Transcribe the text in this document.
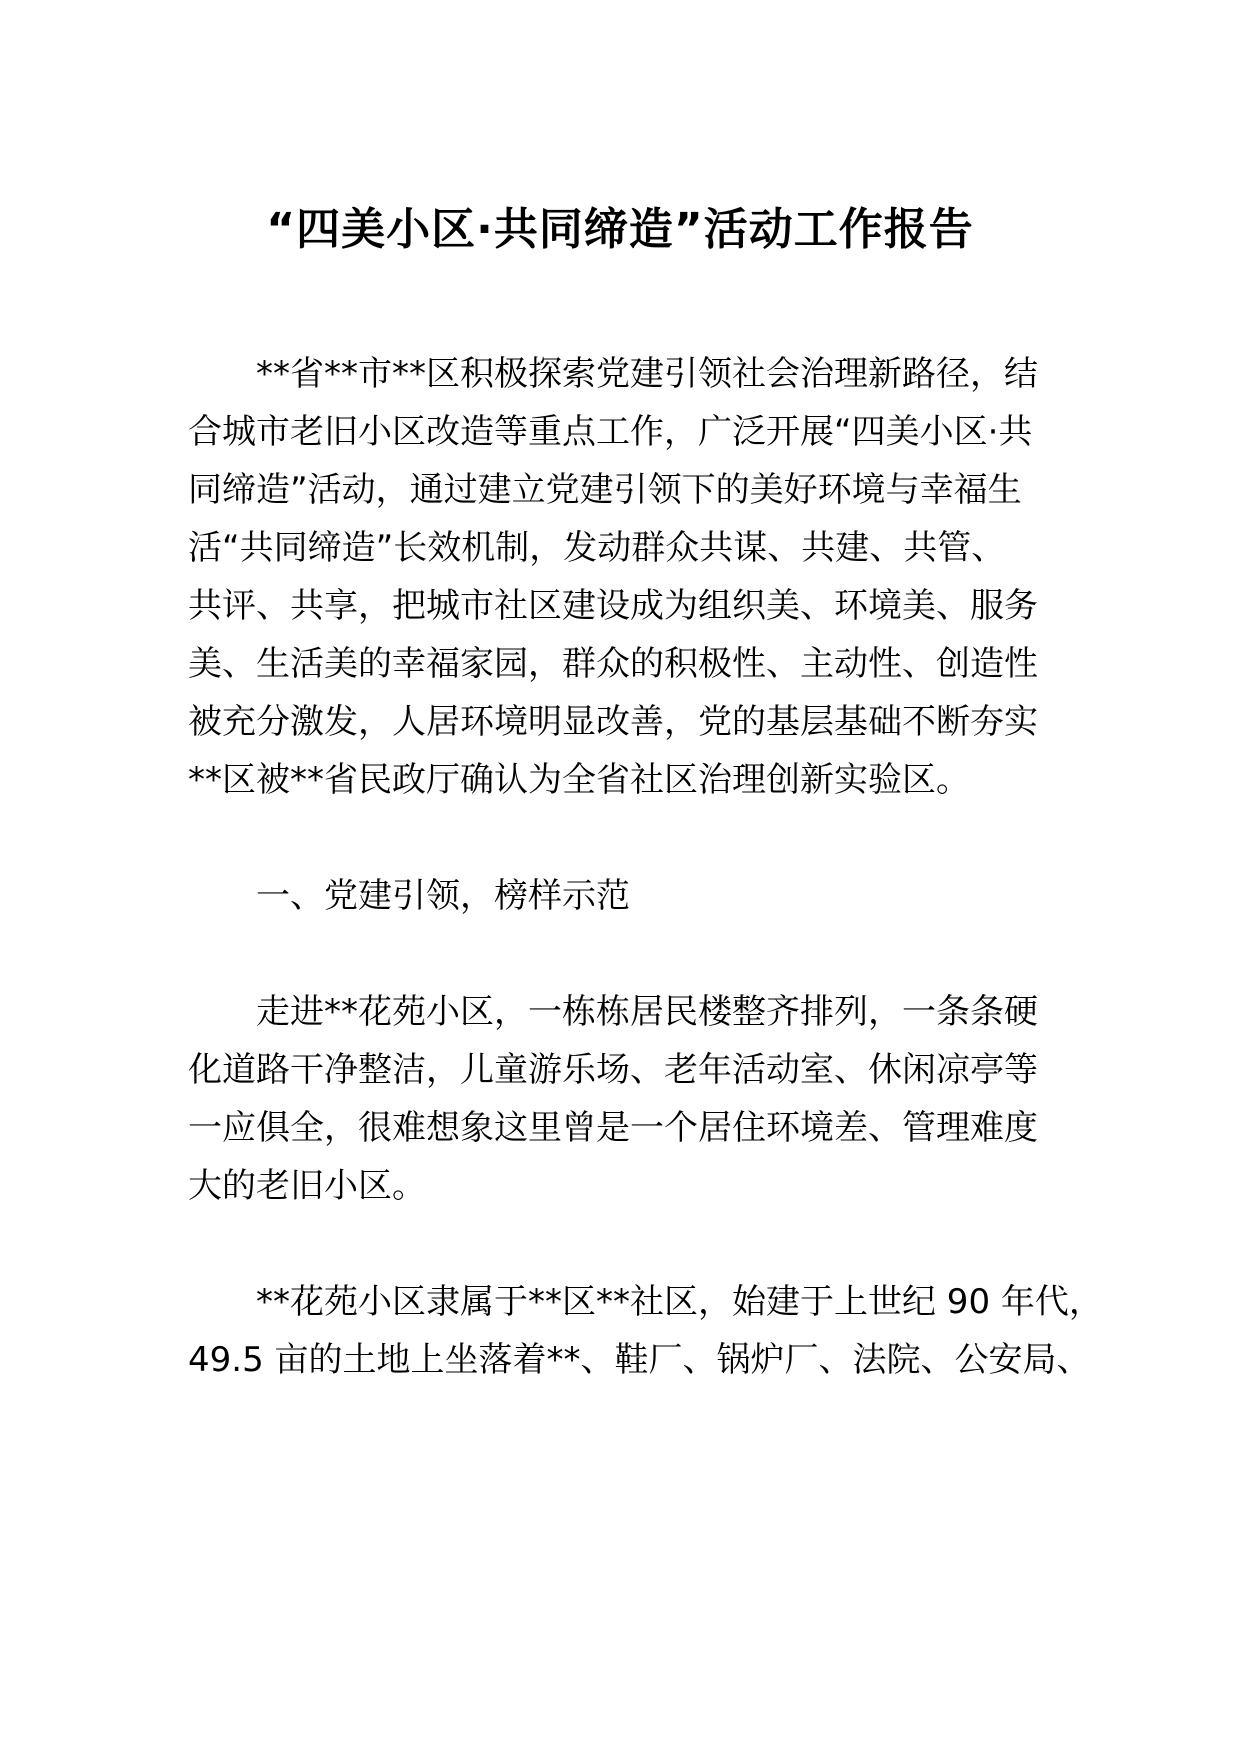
“四美小区·共同缔造”活动工作报告
**省**市**区积极探索党建引领社会治理新路径，结
合城市老旧小区改造等重点工作，广泛开展“四美小区·共
同缔造”活动，通过建立党建引领下的美好环境与幸福生
活“共同缔造”长效机制，发动群众共谋、共建、共管、
共评、共享，把城市社区建设成为组织美、环境美、服务
美、生活美的幸福家园，群众的积极性、主动性、创造性
被充分激发，人居环境明显改善，党的基层基础不断夯实
**区被**省民政厅确认为全省社区治理创新实验区。
一、党建引领，榜样示范
走进**花苑小区，一栋栋居民楼整齐排列，一条条硬
化道路干净整洁，儿童游乐场、老年活动室、休闲凉亭等
一应俱全，很难想象这里曾是一个居住环境差、管理难度
大的老旧小区。
**花苑小区隶属于**区**社区，始建于上世纪 90 年代，
49.5 亩的土地上坐落着**、鞋厂、锅炉厂、法院、公安局、
